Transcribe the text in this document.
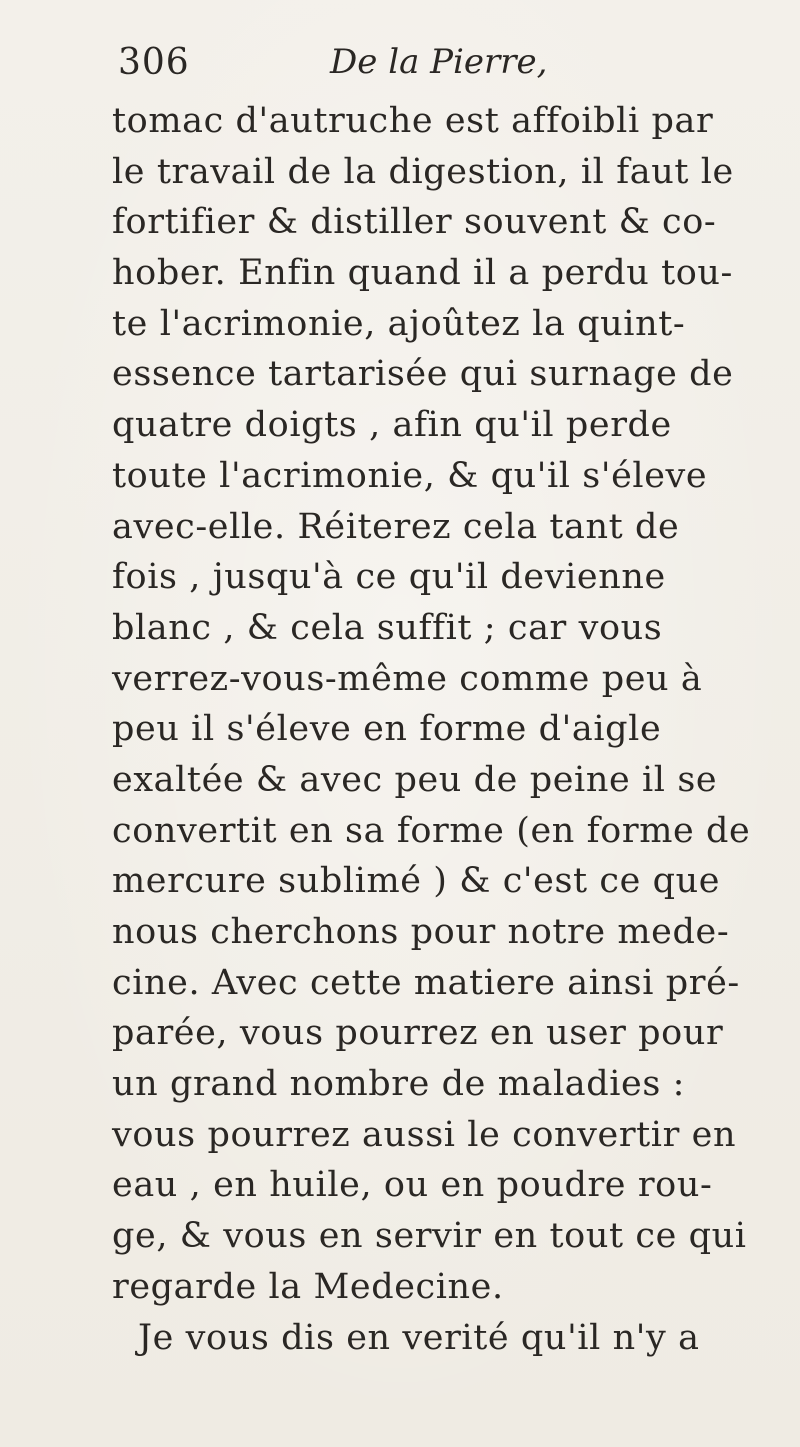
306	De la Pierre,
tomac d'autruche est affoibli par
le travail de la digestion, il faut le
fortifier & distiller souvent & co-
hober. Enfin quand il a perdu tou-
te l'acrimonie, ajoûtez la quint-
essence tartarisée qui surnage de
quatre doigts , afin qu'il perde
toute l'acrimonie, & qu'il s'éleve
avec-elle. Réiterez cela tant de
fois , jusqu'à ce qu'il devienne
blanc , & cela suffit ; car vous
verrez-vous-même comme peu à
peu il s'éleve en forme d'aigle
exaltée & avec peu de peine il se
convertit en sa forme (en forme de
mercure sublimé ) & c'est ce que
nous cherchons pour notre mede-
cine. Avec cette matiere ainsi pré-
parée, vous pourrez en user pour
un grand nombre de maladies :
vous pourrez aussi le convertir en
eau , en huile, ou en poudre rou-
ge, & vous en servir en tout ce qui
regarde la Medecine.
Je vous dis en verité qu'il n'y a
